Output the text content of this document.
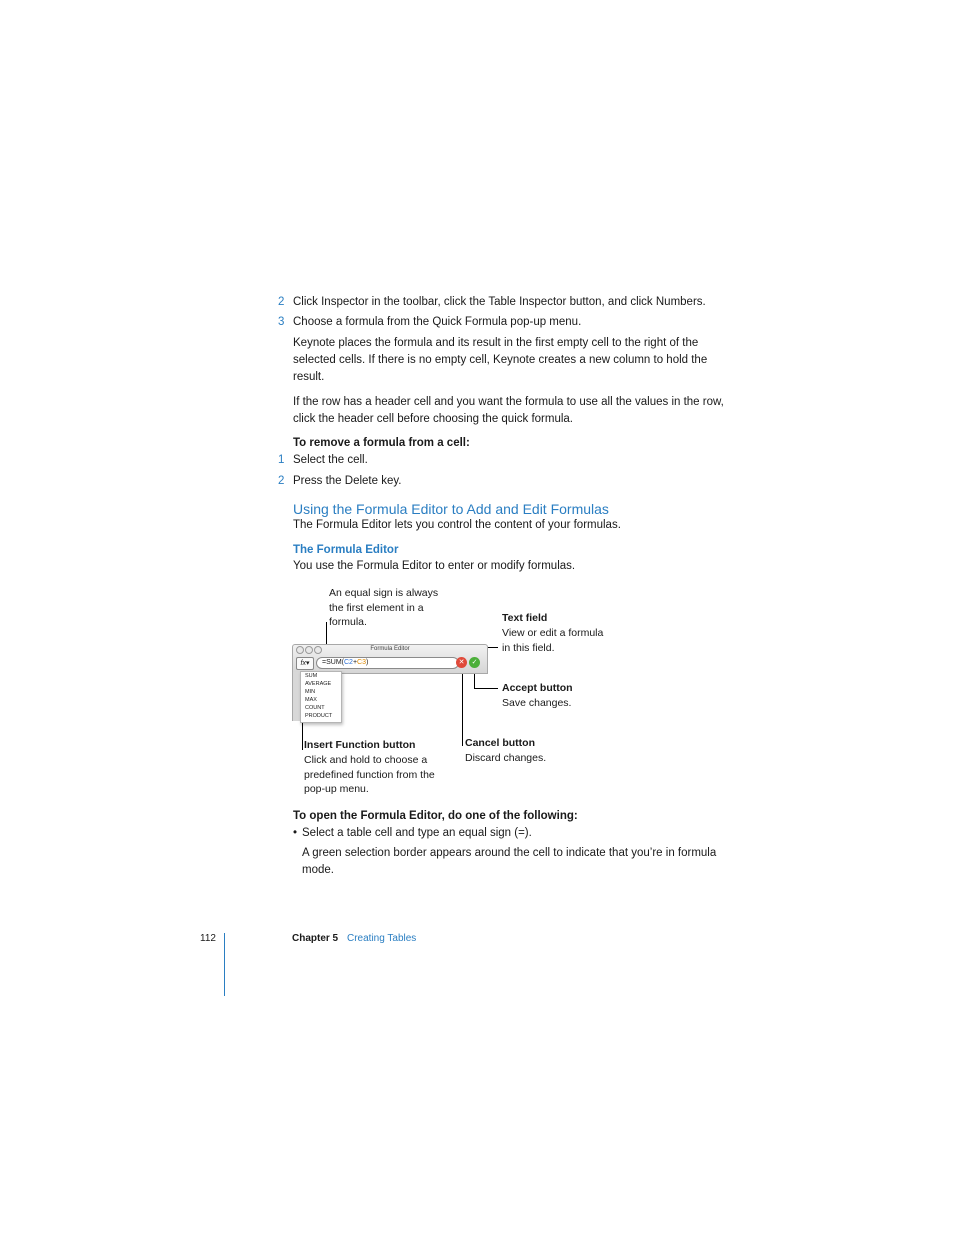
2 Click Inspector in the toolbar, click the Table Inspector button, and click Numbers.
3 Choose a formula from the Quick Formula pop-up menu.
Keynote places the formula and its result in the first empty cell to the right of the selected cells. If there is no empty cell, Keynote creates a new column to hold the result.
If the row has a header cell and you want the formula to use all the values in the row, click the header cell before choosing the quick formula.
To remove a formula from a cell:
1 Select the cell.
2 Press the Delete key.
Using the Formula Editor to Add and Edit Formulas
The Formula Editor lets you control the content of your formulas.
The Formula Editor
You use the Formula Editor to enter or modify formulas.
An equal sign is always the first element in a formula.	Text field
View or edit a formula in this field.
Accept button
Save changes.
Cancel button
Discard changes.
Insert Function button
Click and hold to choose a predefined function from the pop-up menu.
Formula Editor
fx▾	=SUM(C2+C3)	✕	✓
SUM
AVERAGE
MIN
MAX
COUNT
PRODUCT
To open the Formula Editor, do one of the following:
• Select a table cell and type an equal sign (=).
A green selection border appears around the cell to indicate that you’re in formula mode.
112	Chapter 5 Creating Tables
